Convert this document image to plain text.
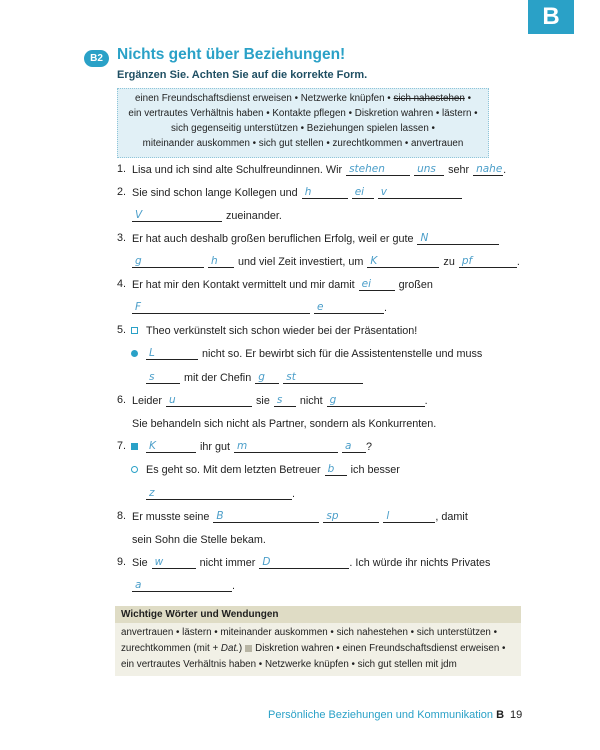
B
B2 Nichts geht über Beziehungen!
Ergänzen Sie. Achten Sie auf die korrekte Form.
einen Freundschaftsdienst erweisen • Netzwerke knüpfen • sich nahestehen •
ein vertrautes Verhältnis haben • Kontakte pflegen • Diskretion wahren • lästern •
sich gegenseitig unterstützen • Beziehungen spielen lassen •
miteinander auskommen • sich gut stellen • zurechtkommen • anvertrauen
1. Lisa und ich sind alte Schulfreundinnen. Wir stehen	uns sehr nahe .
2. Sie sind schon lange Kollegen und h	ei v
V	zueinander.
3. Er hat auch deshalb großen beruflichen Erfolg, weil er gute N
g	h und viel Zeit investiert, um K	zu pf	.
4. Er hat mir den Kontakt vermittelt und mir damit ei	großen
F	e	.
5.	Theo verkünstelt sich schon wieder bei der Präsentation!
L	nicht so. Er bewirbt sich für die Assistentenstelle und muss
s	mit der Chefin g st
6. Leider u	sie s nicht g	.
Sie behandeln sich nicht als Partner, sondern als Konkurrenten.
7.	K	ihr gut m	a ?
Es geht so. Mit dem letzten Betreuer b ich besser
z	.
8. Er musste seine B	sp	l	, damit
sein Sohn die Stelle bekam.
9. Sie w	nicht immer D	. Ich würde ihr nichts Privates
a	.
Wichtige Wörter und Wendungen
anvertrauen • lästern • miteinander auskommen • sich nahestehen • sich unterstützen •
zurechtkommen (mit + Dat.) Diskretion wahren • einen Freundschaftsdienst erweisen •
ein vertrautes Verhältnis haben • Netzwerke knüpfen • sich gut stellen mit jdm
Persönliche Beziehungen und Kommunikation B 19
